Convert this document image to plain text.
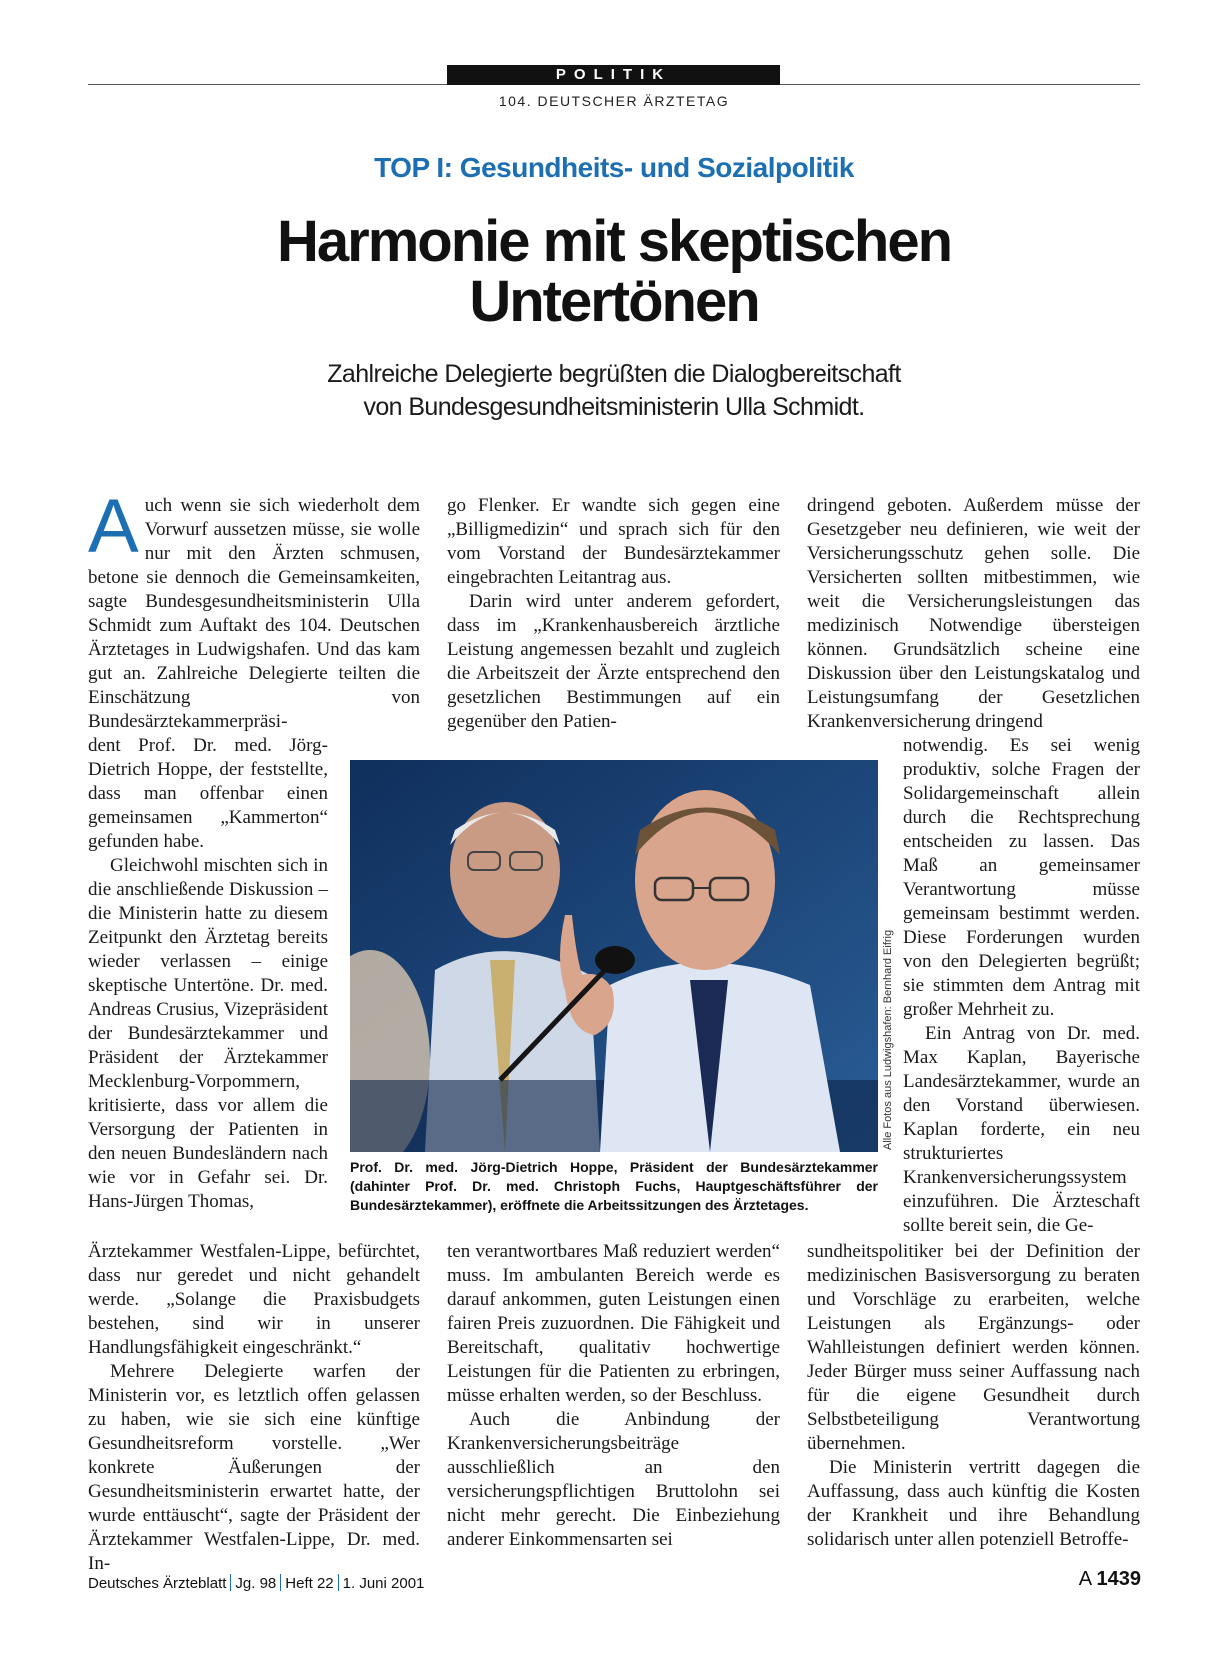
POLITIK
104. DEUTSCHER ÄRZTETAG
TOP I: Gesundheits- und Sozialpolitik
Harmonie mit skeptischen
Untertönen
Zahlreiche Delegierte begrüßten die Dialogbereitschaft
von Bundesgesundheitsministerin Ulla Schmidt.

Auch wenn sie sich wiederholt dem Vorwurf aussetzen müsse, sie wolle nur mit den Ärzten schmusen, betone sie dennoch die Gemeinsamkeiten, sagte Bundesgesundheitsministerin Ulla Schmidt zum Auftakt des 104. Deutschen Ärztetages in Ludwigshafen. Und das kam gut an. Zahlreiche Delegierte teilten die Einschätzung von Bundesärztekammerpräsi-

dent Prof. Dr. med. Jörg-Dietrich Hoppe, der feststellte, dass man offenbar einen gemeinsamen „Kammerton“ gefunden habe.

Gleichwohl mischten sich in die anschließende Diskussion – die Ministerin hatte zu diesem Zeitpunkt den Ärztetag bereits wieder verlassen – einige skeptische Untertöne. Dr. med. Andreas Crusius, Vizepräsident der Bundesärztekammer und Präsident der Ärztekammer Mecklenburg-Vorpommern, kritisierte, dass vor allem die Versorgung der Patienten in den neuen Bundesländern nach wie vor in Gefahr sei. Dr. Hans-Jürgen Thomas,

Ärztekammer Westfalen-Lippe, befürchtet, dass nur geredet und nicht gehandelt werde. „Solange die Praxisbudgets bestehen, sind wir in unserer Handlungsfähigkeit eingeschränkt.“

Mehrere Delegierte warfen der Ministerin vor, es letztlich offen gelassen zu haben, wie sie sich eine künftige Gesundheitsreform vorstelle. „Wer konkrete Äußerungen der Gesundheitsministerin erwartet hatte, der wurde enttäuscht“, sagte der Präsident der Ärztekammer Westfalen-Lippe, Dr. med. In-

go Flenker. Er wandte sich gegen eine „Billigmedizin“ und sprach sich für den vom Vorstand der Bundesärztekammer eingebrachten Leitantrag aus.

Darin wird unter anderem gefordert, dass im „Krankenhausbereich ärztliche Leistung angemessen bezahlt und zugleich die Arbeitszeit der Ärzte entsprechend den gesetzlichen Bestimmungen auf ein gegenüber den Patien-

ten verantwortbares Maß reduziert werden“ muss. Im ambulanten Bereich werde es darauf ankommen, guten Leistungen einen fairen Preis zuzuordnen. Die Fähigkeit und Bereitschaft, qualitativ hochwertige Leistungen für die Patienten zu erbringen, müsse erhalten werden, so der Beschluss.

Auch die Anbindung der Krankenversicherungsbeiträge ausschließlich an den versicherungspflichtigen Bruttolohn sei nicht mehr gerecht. Die Einbeziehung anderer Einkommensarten sei

dringend geboten. Außerdem müsse der Gesetzgeber neu definieren, wie weit der Versicherungsschutz gehen solle. Die Versicherten sollten mitbestimmen, wie weit die Versicherungsleistungen das medizinisch Notwendige übersteigen können. Grundsätzlich scheine eine Diskussion über den Leistungskatalog und Leistungsumfang der Gesetzlichen Krankenversicherung dringend

notwendig. Es sei wenig produktiv, solche Fragen der Solidargemeinschaft allein durch die Rechtsprechung entscheiden zu lassen. Das Maß an gemeinsamer Verantwortung müsse gemeinsam bestimmt werden. Diese Forderungen wurden von den Delegierten begrüßt; sie stimmten dem Antrag mit großer Mehrheit zu.

Ein Antrag von Dr. med. Max Kaplan, Bayerische Landesärztekammer, wurde an den Vorstand überwiesen. Kaplan forderte, ein neu strukturiertes Krankenversicherungssystem einzuführen. Die Ärzteschaft sollte bereit sein, die Ge-

sundheitspolitiker bei der Definition der medizinischen Basisversorgung zu beraten und Vorschläge zu erarbeiten, welche Leistungen als Ergänzungs- oder Wahlleistungen definiert werden können. Jeder Bürger muss seiner Auffassung nach für die eigene Gesundheit durch Selbstbeteiligung Verantwortung übernehmen.

Die Ministerin vertritt dagegen die Auffassung, dass auch künftig die Kosten der Krankheit und ihre Behandlung solidarisch unter allen potenziell Betroffe-

Alle Fotos aus Ludwigshafen: Bernhard Eifrig
Prof. Dr. med. Jörg-Dietrich Hoppe, Präsident der Bundesärztekammer (dahinter Prof. Dr. med. Christoph Fuchs, Hauptgeschäftsführer der Bundesärztekammer), eröffnete die Arbeitssitzungen des Ärztetages.
Deutsches Ärzteblatt Jg. 98 Heft 22 1. Juni 2001	A 1439
